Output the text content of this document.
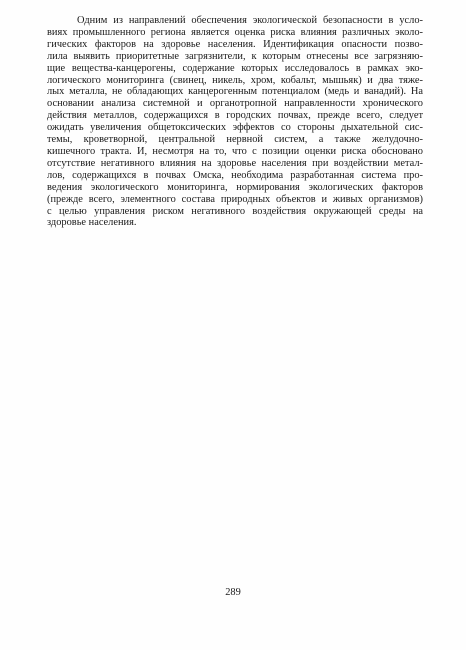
Одним из направлений обеспечения экологической безопасности в усло-
виях промышленного региона является оценка риска влияния различных эколо-
гических факторов на здоровье населения. Идентификация опасности позво-
лила выявить приоритетные загрязнители, к которым отнесены все загрязняю-
щие вещества-канцерогены, содержание которых исследовалось в рамках эко-
логического мониторинга (свинец, никель, хром, кобальт, мышьяк) и два тяже-
лых металла, не обладающих канцерогенным потенциалом (медь и ванадий). На
основании анализа системной и органотропной направленности хронического
действия металлов, содержащихся в городских почвах, прежде всего, следует
ожидать увеличения общетоксических эффектов со стороны дыхательной сис-
темы, кроветворной, центральной нервной систем, а также желудочно-
кишечного тракта. И, несмотря на то, что с позиции оценки риска обосновано
отсутствие негативного влияния на здоровье населения при воздействии метал-
лов, содержащихся в почвах Омска, необходима разработанная система про-
ведения экологического мониторинга, нормирования экологических факторов
(прежде всего, элементного состава природных объектов и живых организмов)
с целью управления риском негативного воздействия окружающей среды на
здоровье населения.
289
